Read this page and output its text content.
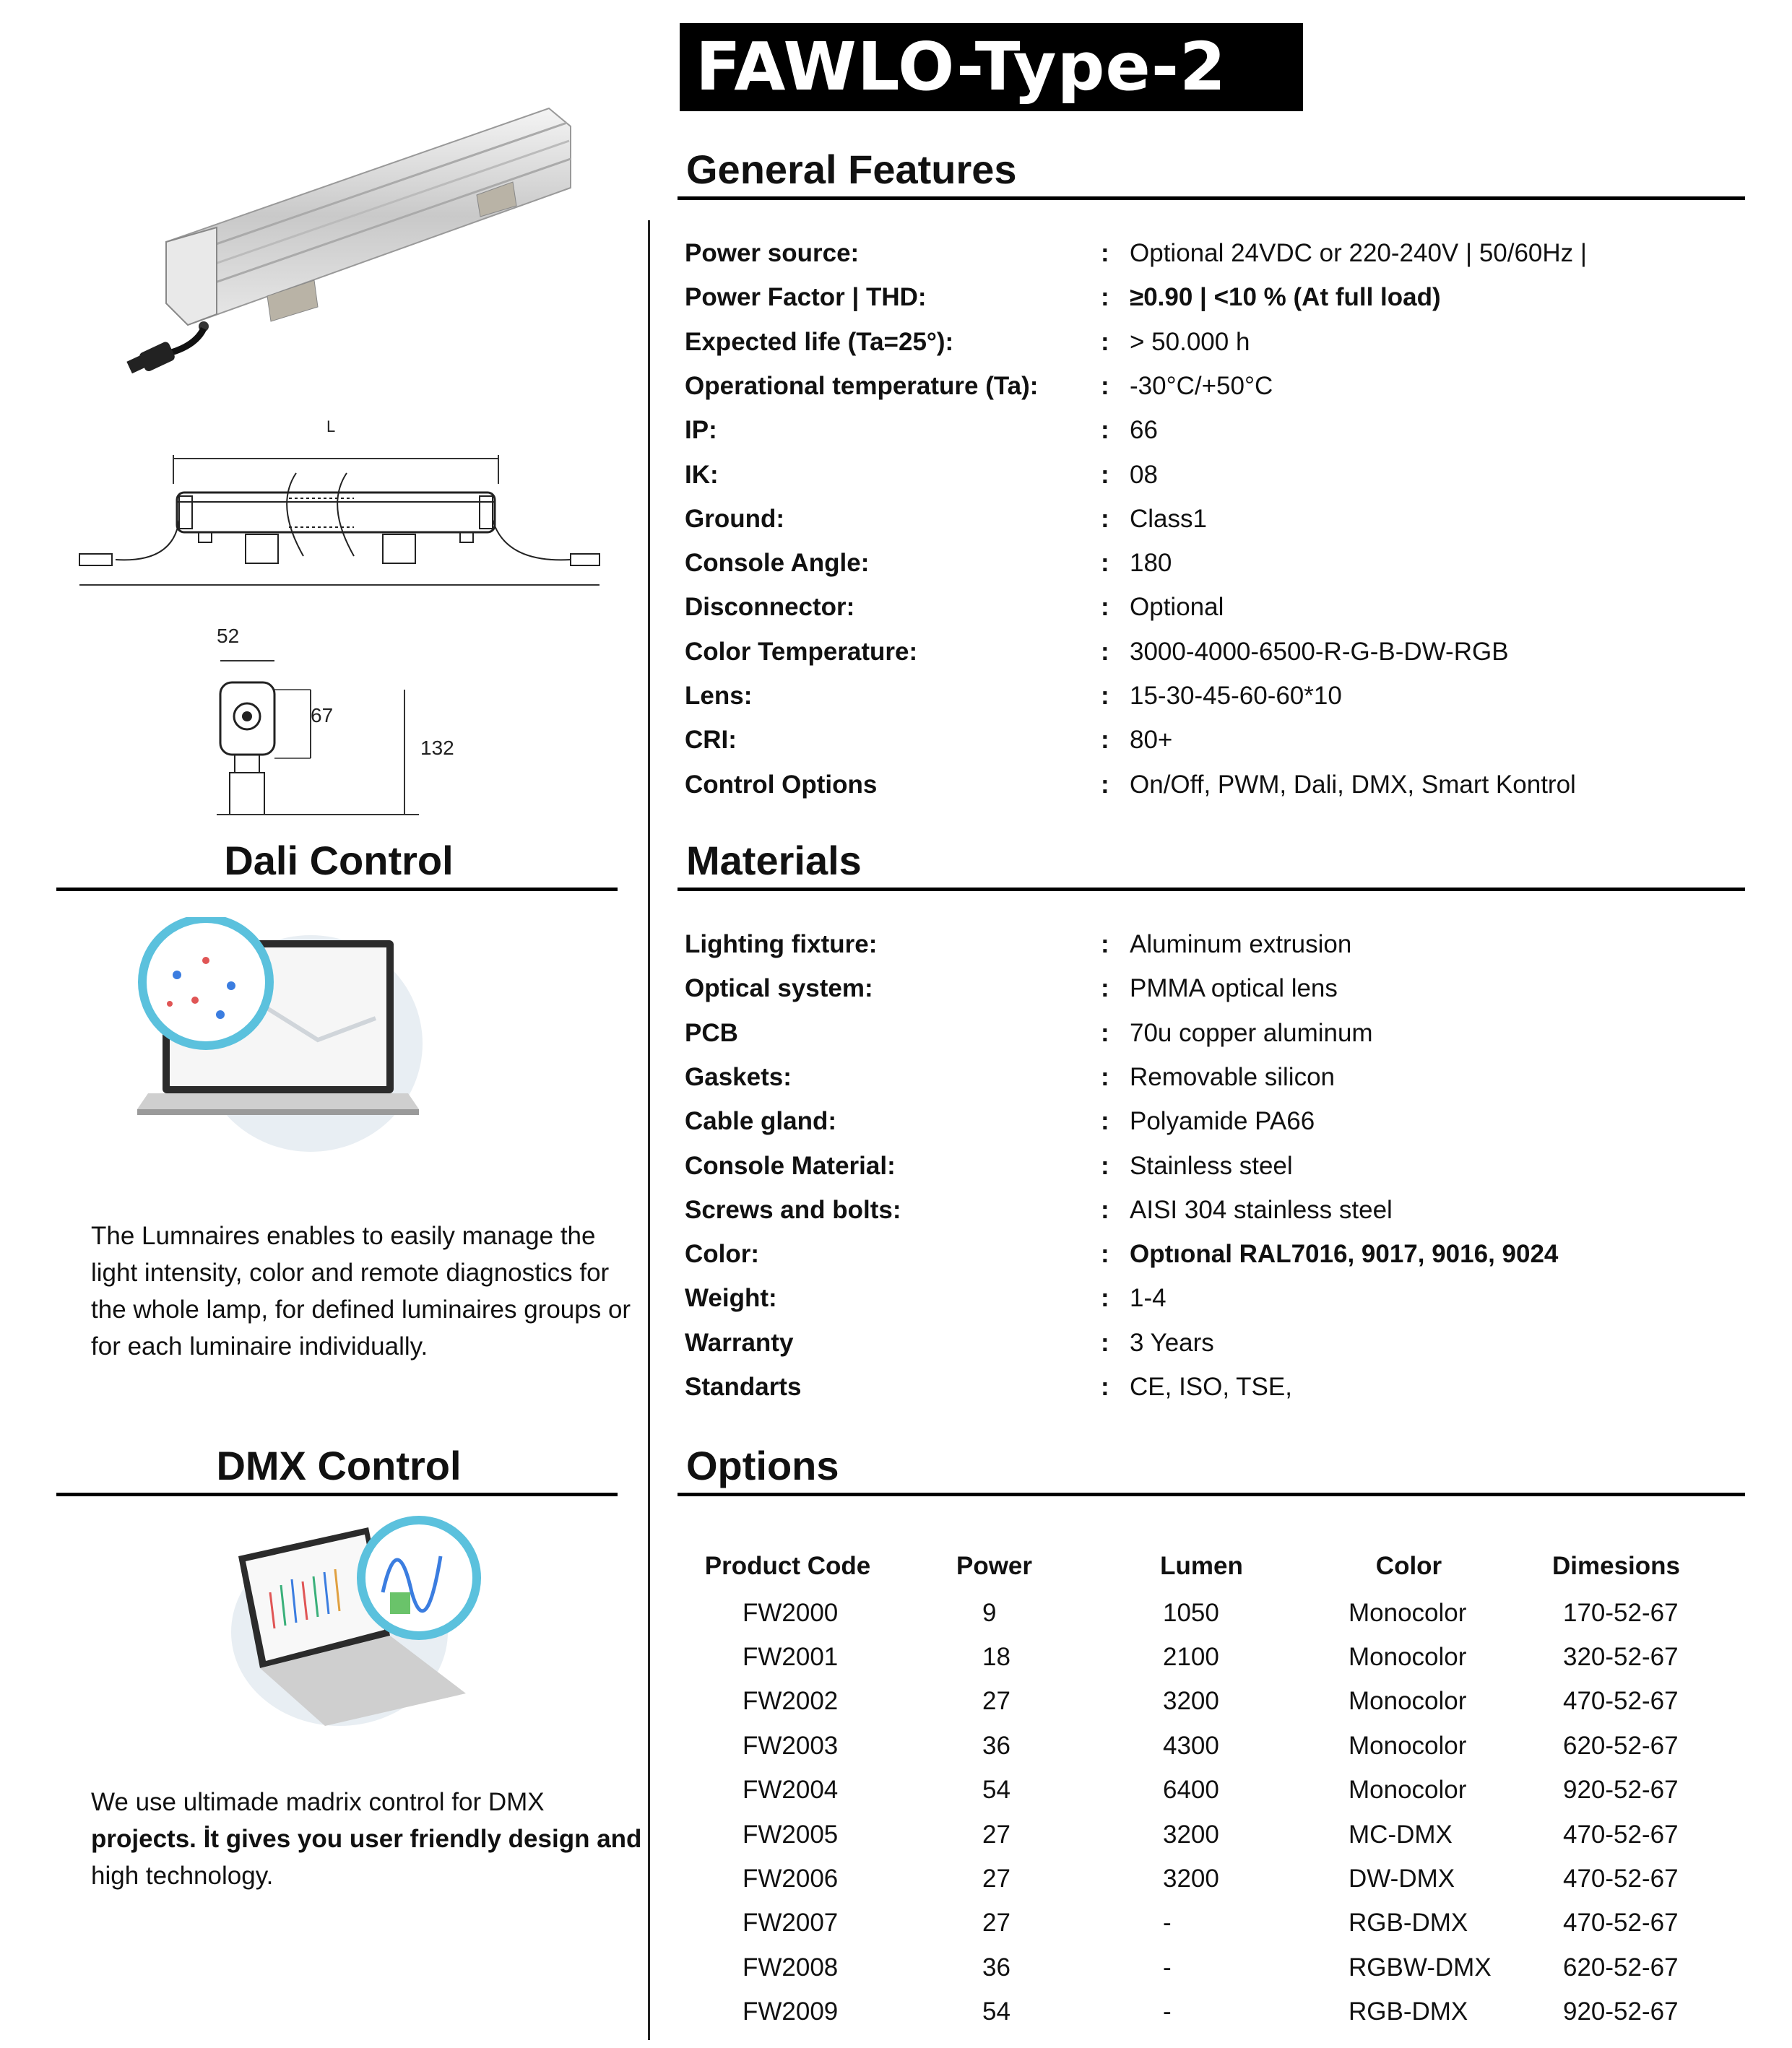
FAWLO-Type-2
General Features
Power source:	: Optional 24VDC or 220-240V | 50/60Hz |
Power Factor | THD:	: ≥0.90 | <10 % (At full load)
Expected life (Ta=25°):	: > 50.000 h
Operational temperature (Ta): : -30°C/+50°C
IP:	: 66
IK:	: 08
Ground:	: Class1
Console Angle:	: 180
Disconnector:	: Optional
Color Temperature:	: 3000-4000-6500-R-G-B-DW-RGB
Lens:	: 15-30-45-60-60*10
CRI:	: 80+
Control Options	: On/Off, PWM, Dali, DMX, Smart Kontrol
Materials
Lighting fixture:	: Aluminum extrusion
Optical system:	: PMMA optical lens
PCB	: 70u copper aluminum
Gaskets:	: Removable silicon
Cable gland:	: Polyamide PA66
Console Material:	: Stainless steel
Screws and bolts:	: AISI 304 stainless steel
Color:	: Optıonal RAL7016, 9017, 9016, 9024
Weight:	: 1-4
Warranty	: 3 Years
Standarts	: CE, ISO, TSE,
Options
Product Code	Power	Lumen	Color	Dimesions
FW2000	9	1050	Monocolor	170-52-67
FW2001	18	2100	Monocolor	320-52-67
FW2002	27	3200	Monocolor	470-52-67
FW2003	36	4300	Monocolor	620-52-67
FW2004	54	6400	Monocolor	920-52-67
FW2005	27	3200	MC-DMX	470-52-67
FW2006	27	3200	DW-DMX	470-52-67
FW2007	27	-	RGB-DMX	470-52-67
FW2008	36	-	RGBW-DMX	620-52-67
FW2009	54	-	RGB-DMX	920-52-67
L
52
67
132
Dali Control
The Lumnaires enables to easily manage the light intensity, color and remote diagnostics for the whole lamp, for defined luminaires groups or for each luminaire individually.
DMX Control
We use ultimade madrix control for DMX
projects. İt gives you user friendly design and
high technology.
